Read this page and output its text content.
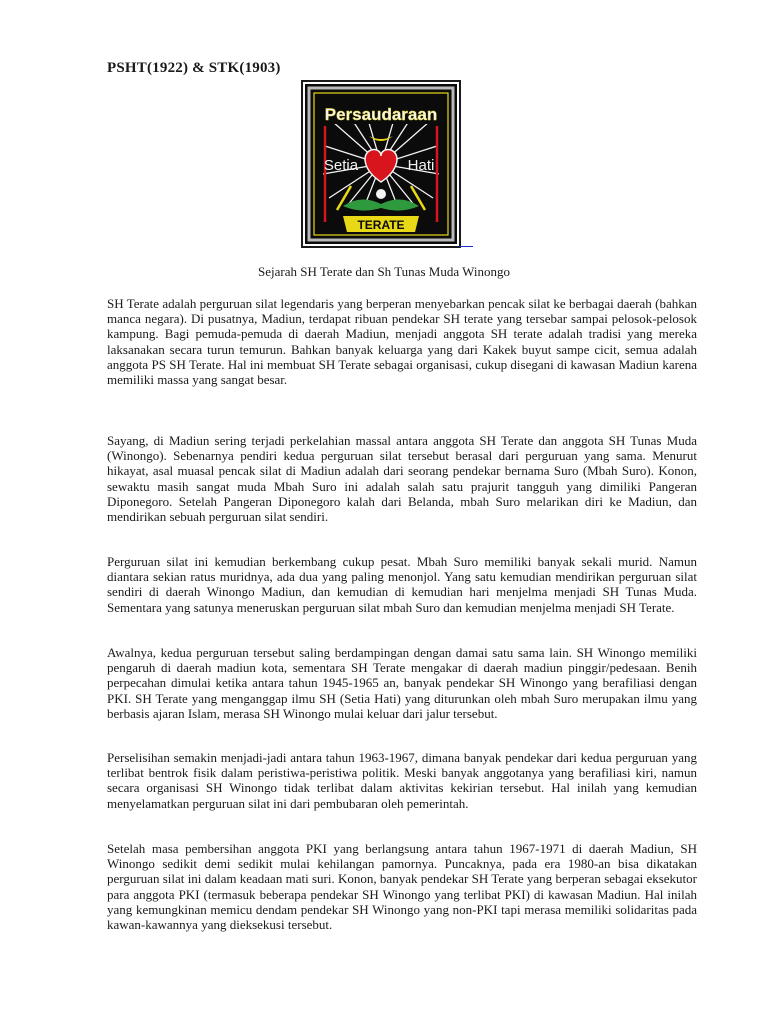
PSHT(1922) & STK(1903)
Persaudaraan
Setia	Hati
TERATE

Sejarah SH Terate dan Sh Tunas Muda Winongo

SH Terate adalah perguruan silat legendaris yang berperan menyebarkan pencak silat ke berbagai daerah (bahkan manca negara). Di pusatnya, Madiun, terdapat ribuan pendekar SH terate yang tersebar sampai pelosok-pelosok kampung. Bagi pemuda-pemuda di daerah Madiun, menjadi anggota SH terate adalah tradisi yang mereka laksanakan secara turun temurun. Bahkan banyak keluarga yang dari Kakek buyut sampe cicit, semua adalah anggota PS SH Terate. Hal ini membuat SH Terate sebagai organisasi, cukup disegani di kawasan Madiun karena memiliki massa yang sangat besar.

Sayang, di Madiun sering terjadi perkelahian massal antara anggota SH Terate dan anggota SH Tunas Muda (Winongo). Sebenarnya pendiri kedua perguruan silat tersebut berasal dari perguruan yang sama. Menurut hikayat, asal muasal pencak silat di Madiun adalah dari seorang pendekar bernama Suro (Mbah Suro). Konon, sewaktu masih sangat muda Mbah Suro ini adalah salah satu prajurit tangguh yang dimiliki Pangeran Diponegoro. Setelah Pangeran Diponegoro kalah dari Belanda, mbah Suro melarikan diri ke Madiun, dan mendirikan sebuah perguruan silat sendiri.

Perguruan silat ini kemudian berkembang cukup pesat. Mbah Suro memiliki banyak sekali murid. Namun diantara sekian ratus muridnya, ada dua yang paling menonjol. Yang satu kemudian mendirikan perguruan silat sendiri di daerah Winongo Madiun, dan kemudian di kemudian hari menjelma menjadi SH Tunas Muda. Sementara yang satunya meneruskan perguruan silat mbah Suro dan kemudian menjelma menjadi SH Terate.

Awalnya, kedua perguruan tersebut saling berdampingan dengan damai satu sama lain. SH Winongo memiliki pengaruh di daerah madiun kota, sementara SH Terate mengakar di daerah madiun pinggir/pedesaan. Benih perpecahan dimulai ketika antara tahun 1945-1965 an, banyak pendekar SH Winongo yang berafiliasi dengan PKI. SH Terate yang menganggap ilmu SH (Setia Hati) yang diturunkan oleh mbah Suro merupakan ilmu yang berbasis ajaran Islam, merasa SH Winongo mulai keluar dari jalur tersebut.

Perselisihan semakin menjadi-jadi antara tahun 1963-1967, dimana banyak pendekar dari kedua perguruan yang terlibat bentrok fisik dalam peristiwa-peristiwa politik. Meski banyak anggotanya yang berafiliasi kiri, namun secara organisasi SH Winongo tidak terlibat dalam aktivitas kekirian tersebut. Hal inilah yang kemudian menyelamatkan perguruan silat ini dari pembubaran oleh pemerintah.

Setelah masa pembersihan anggota PKI yang berlangsung antara tahun 1967-1971 di daerah Madiun, SH Winongo sedikit demi sedikit mulai kehilangan pamornya. Puncaknya, pada era 1980-an bisa dikatakan perguruan silat ini dalam keadaan mati suri. Konon, banyak pendekar SH Terate yang berperan sebagai eksekutor para anggota PKI (termasuk beberapa pendekar SH Winongo yang terlibat PKI) di kawasan Madiun. Hal inilah yang kemungkinan memicu dendam pendekar SH Winongo yang non-PKI tapi merasa memiliki solidaritas pada kawan-kawannya yang dieksekusi tersebut.
